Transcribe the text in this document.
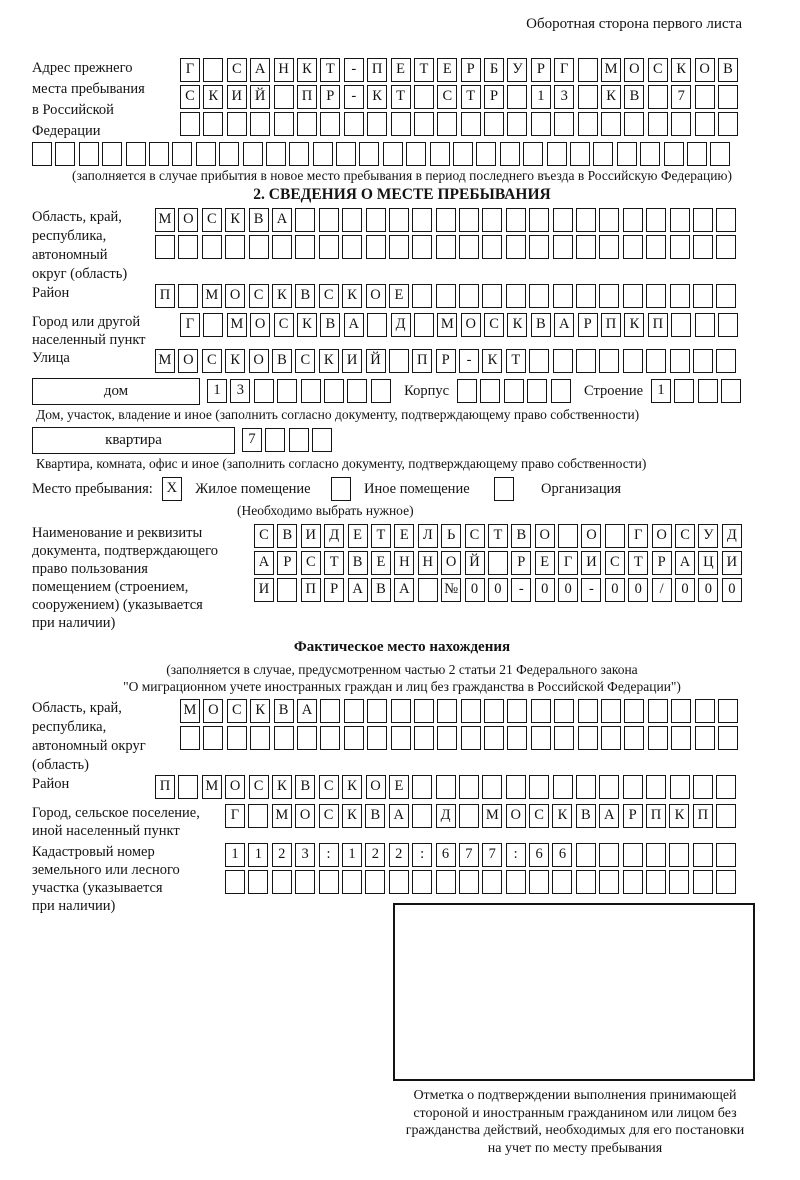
Оборотная сторона первого листа
Адрес прежнего
места пребывания
в Российской
Федерации
Г	С А Н К Т - П Е Т Е Р Б У Р Г М О С К О В
С К И Й	П Р - К Т	С Т Р	1 3	К В	7
(заполняется в случае прибытия в новое место пребывания в период последнего въезда в Российскую Федерацию)
2. СВЕДЕНИЯ О МЕСТЕ ПРЕБЫВАНИЯ
Область, край,
республика,
автономный
округ (область)
М О С К В А
Район	П М О С К В С К О Е
Город или другой
населенный пункт
Г М О С К В А	Д М О С К В А Р П К П
Улица	М О С К О В С К И Й	П Р - К Т
дом	1 3	Корпус	Строение 1
Дом, участок, владение и иное (заполнить согласно документу, подтверждающему право собственности)
квартира	7
Квартира, комната, офис и иное (заполнить согласно документу, подтверждающему право собственности)
Место пребывания: X	Жилое помещение	Иное помещение	Организация
(Необходимо выбрать нужное)
Наименование и реквизиты
документа, подтверждающего
право пользования
помещением (строением,
сооружением) (указывается
при наличии)
С В И Д Е Т Е Л Ь С Т В О	О	Г О С У Д
А Р С Т В Е Н Н О Й	Р Е Г И С Т Р А Ц И
И	П Р А В А № 0 0 - 0 0 - 0 0 / 0 0 0
Фактическое место нахождения
(заполняется в случае, предусмотренном частью 2 статьи 21 Федерального закона
"О миграционном учете иностранных граждан и лиц без гражданства в Российской Федерации")
Область, край,
республика,
автономный округ
(область)
М О С К В А
Район	П М О С К В С К О Е
Город, сельское поселение,
иной населенный пункт
Г М О С К В А	Д М О С К В А Р П К П
Кадастровый номер
земельного или лесного
участка (указывается
при наличии)
1 1 2 3 : 1 2 2 : 6 7 7 : 6 6
Отметка о подтверждении выполнения принимающей
стороной и иностранным гражданином или лицом без
гражданства действий, необходимых для его постановки
на учет по месту пребывания
